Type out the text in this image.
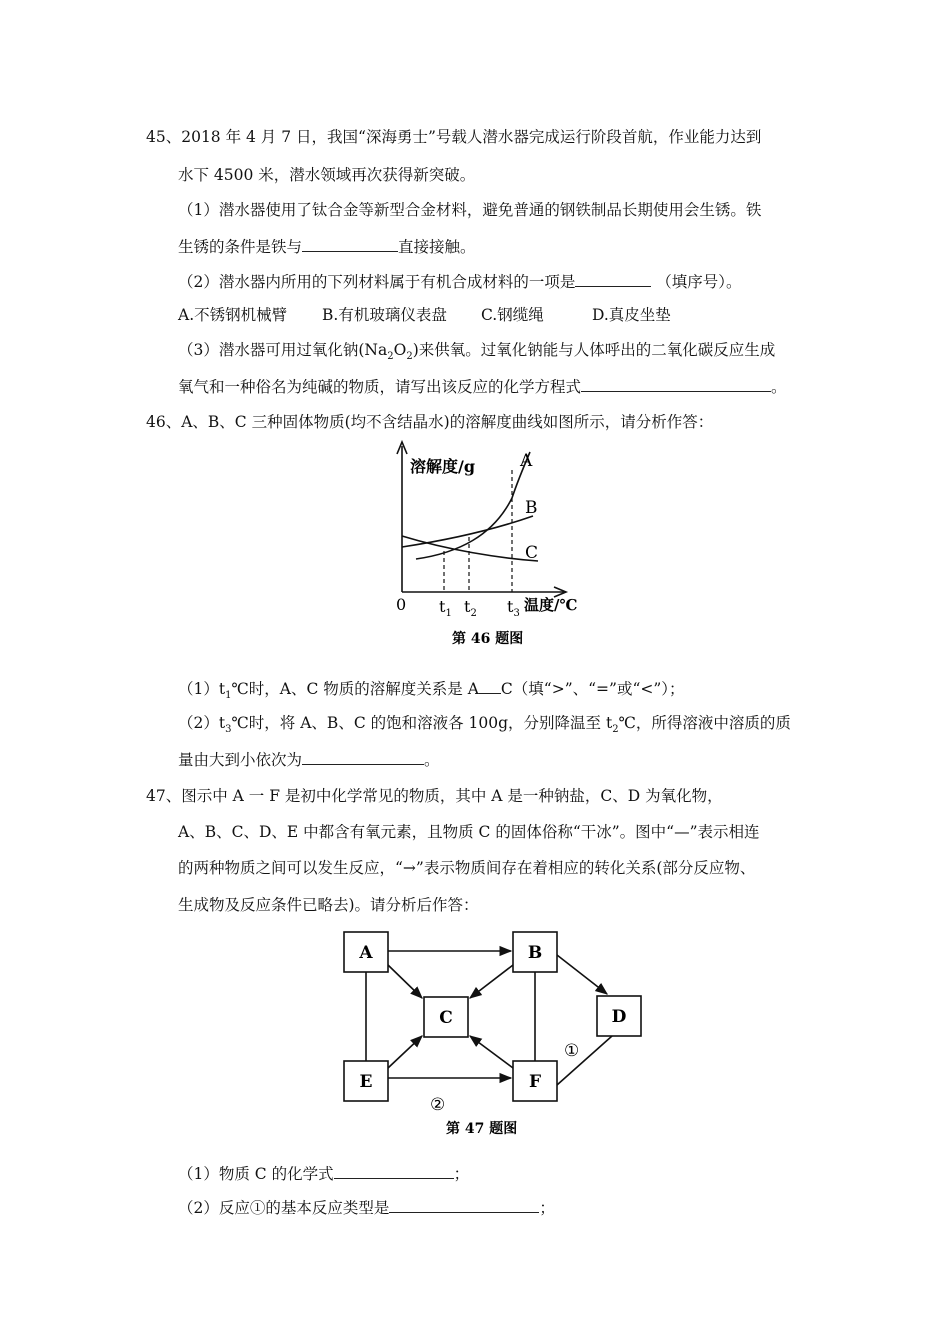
45、2018 年 4 月 7 日，我国“深海勇士”号载人潜水器完成运行阶段首航，作业能力达到
水下 4500 米，潜水领域再次获得新突破。
（1）潜水器使用了钛合金等新型合金材料，避免普通的钢铁制品长期使用会生锈。铁
生锈的条件是铁与	直接接触。
（2）潜水器内所用的下列材料属于有机合成材料的一项是	（填序号）。
A.不锈钢机械臂 B.有机玻璃仪表盘 C.钢缆绳	D.真皮坐垫
（3）潜水器可用过氧化钠$(Na_2O_2)$来供氧。过氧化钠能与人体呼出的二氧化碳反应生成
氧气和一种俗名为纯碱的物质，请写出该反应的化学方程式	。
46、A、B、C 三种固体物质(均不含结晶水)的溶解度曲线如图所示，请分析作答：
溶解度/g	A
B
C
0 $t_1$ $t_2$ $t_3$ 温度/℃
第 46 题图
$(1)t_1℃$时，A、C 物质的溶解度关系是 A C（填“>”、“=”或“<”）；
$(2)t_3℃$时，将 A、B、C 的饱和溶液各 100g，分别降温至 $t_2℃$，所得溶液中溶质的质
量由大到小依次为	。
47、图示中 A 一 F 是初中化学常见的物质，其中 A 是一种钠盐，C、D 为氧化物，
A、B、C、D、E 中都含有氧元素，且物质 C 的固体俗称“干冰”。图中“—”表示相连
的两种物质之间可以发生反应，“→”表示物质间存在着相应的转化关系(部分反应物、
生成物及反应条件已略去)。请分析后作答：
A	B
C	D
E	F
①
②
第 47 题图
（1）物质 C 的化学式	；
（2）反应①的基本反应类型是	；
